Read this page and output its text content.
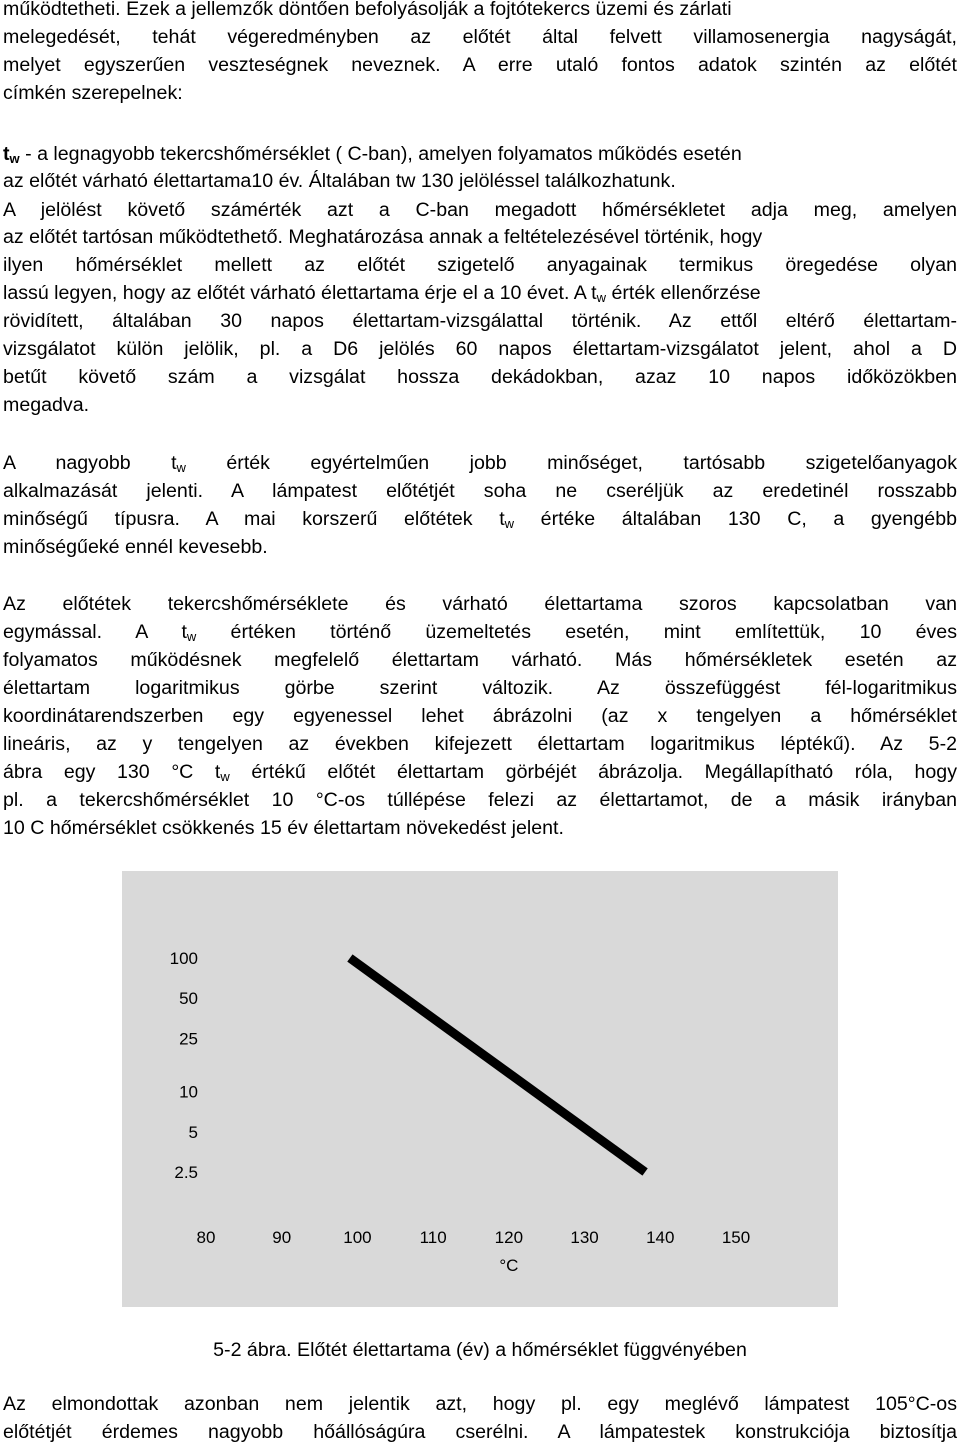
működtetheti. Ezek a jellemzők döntően befolyásolják a fojtótekercs üzemi és zárlati
melegedését, tehát végeredményben az előtét által felvett villamosenergia nagyságát,
melyet egyszerűen veszteségnek neveznek. A erre utaló fontos adatok szintén az előtét
címkén szerepelnek:
$t_w$ - a legnagyobb tekercshőmérséklet ( C-ban), amelyen folyamatos működés esetén
az előtét várható élettartama10 év. Általában tw 130 jelöléssel találkozhatunk.
A jelölést követő számérték azt a C-ban megadott hőmérsékletet adja meg, amelyen
az előtét tartósan működtethető. Meghatározása annak a feltételezésével történik, hogy
ilyen hőmérséklet mellett az előtét szigetelő anyagainak termikus öregedése olyan
lassú legyen, hogy az előtét várható élettartama érje el a 10 évet. A $t_w$ érték ellenőrzése
rövidített, általában 30 napos élettartam-vizsgálattal történik. Az ettől eltérő élettartam-
vizsgálatot külön jelölik, pl. a D6 jelölés 60 napos élettartam-vizsgálatot jelent, ahol a D
betűt követő szám a vizsgálat hossza dekádokban, azaz 10 napos időközökben
megadva.
A nagyobb $t_w$ érték egyértelműen jobb minőséget, tartósabb szigetelőanyagok
alkalmazását jelenti. A lámpatest előtétjét soha ne cseréljük az eredetinél rosszabb
minőségű típusra. A mai korszerű előtétek $t_w$ értéke általában 130 C, a gyengébb
minőségűeké ennél kevesebb.
Az előtétek tekercshőmérséklete és várható élettartama szoros kapcsolatban van
egymással. A $t_w$ értéken történő üzemeltetés esetén, mint említettük, 10 éves
folyamatos működésnek megfelelő élettartam várható. Más hőmérsékletek esetén az
élettartam logaritmikus görbe szerint változik. Az összefüggést fél-logaritmikus
koordinátarendszerben egy egyenessel lehet ábrázolni (az x tengelyen a hőmérséklet
lineáris, az y tengelyen az években kifejezett élettartam logaritmikus léptékű). Az 5-2
ábra egy 130 °C $t_w$ értékű előtét élettartam görbéjét ábrázolja. Megállapítható róla, hogy
pl. a tekercshőmérséklet 10 °C-os túllépése felezi az élettartamot, de a másik irányban
10 C hőmérséklet csökkenés 15 év élettartam növekedést jelent.
100
50
25
10
5
2.5
80	90	100	110	120	130	140	150
°C
5-2 ábra. Előtét élettartama (év) a hőmérséklet függvényében
Az elmondottak azonban nem jelentik azt, hogy pl. egy meglévő lámpatest 105°C-os
előtétjét érdemes nagyobb hőállóságúra cserélni. A lámpatestek konstrukciója biztosítja
